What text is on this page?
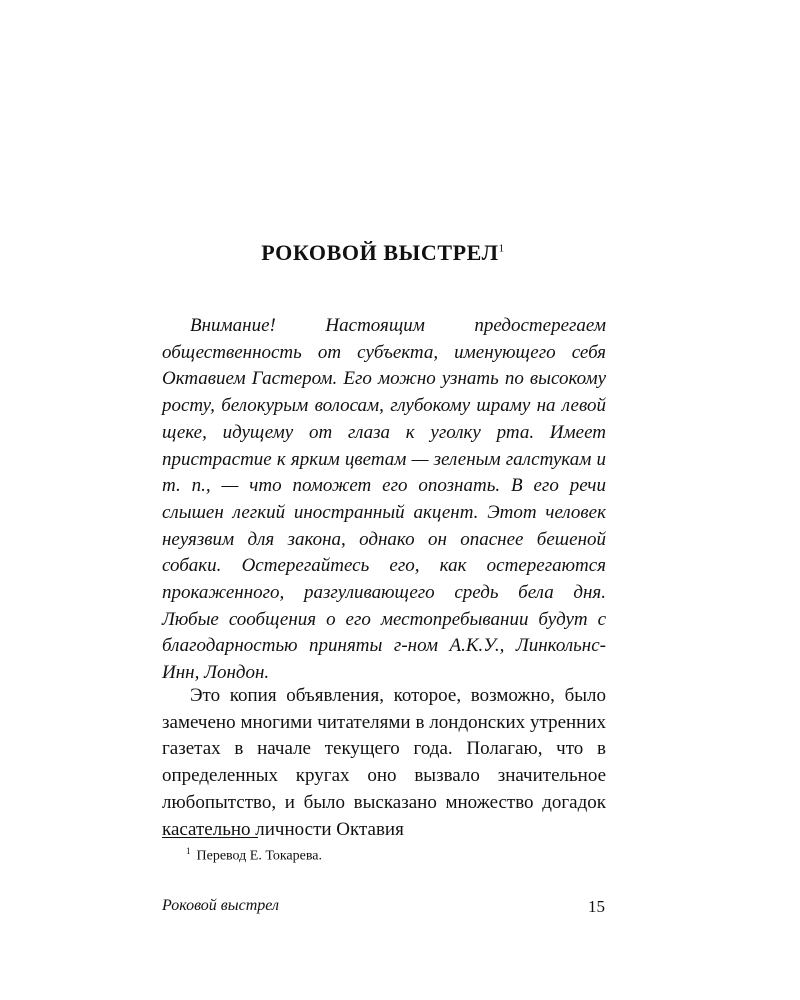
РОКОВОЙ ВЫСТРЕЛ$^1$

Внимание! Настоящим предостерегаем общественность от субъекта, именующего себя Октавием Гастером. Его можно узнать по высокому росту, белокурым волосам, глубокому шраму на левой щеке, идущему от глаза к уголку рта. Имеет пристрастие к ярким цветам — зеленым галстукам и т. п., — что поможет его опознать. В его речи слышен легкий иностранный акцент. Этот человек неуязвим для закона, однако он опаснее бешеной собаки. Остерегайтесь его, как остерегаются прокаженного, разгуливающего средь бела дня. Любые сообщения о его местопребывании будут с благодарностью приняты г-ном А.К.У., Линкольнс-Инн, Лондон.

Это копия объявления, которое, возможно, было замечено многими читателями в лондонских утренних газетах в начале текущего года. Полагаю, что в определенных кругах оно вызвало значительное любопытство, и было высказано множество догадок касательно личности Октавия

$^1$ Перевод Е. Токарева.
Роковой выстрел	15
